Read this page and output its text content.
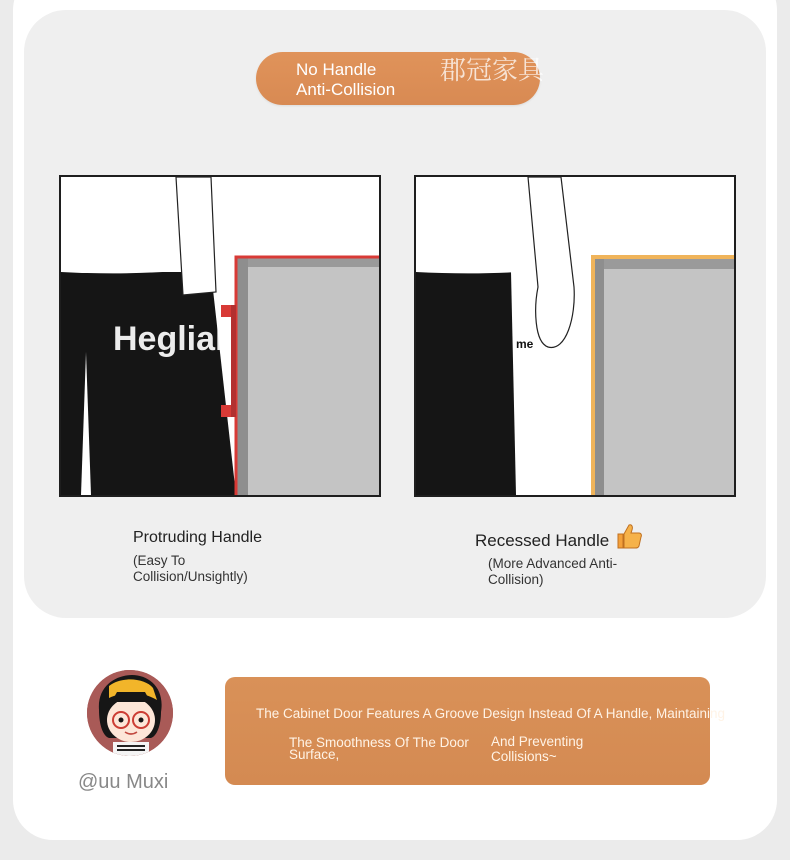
No Handle
Anti-Collision
郡冠家具
Heglial	me
Protruding Handle
(Easy To Collision/Unsightly)
Recessed Handle
(More Advanced Anti-Collision)
@uu Muxi
The Cabinet Door Features A Groove Design Instead Of A Handle, Maintaining
The Smoothness Of The Door Surface,
And Preventing Collisions~
